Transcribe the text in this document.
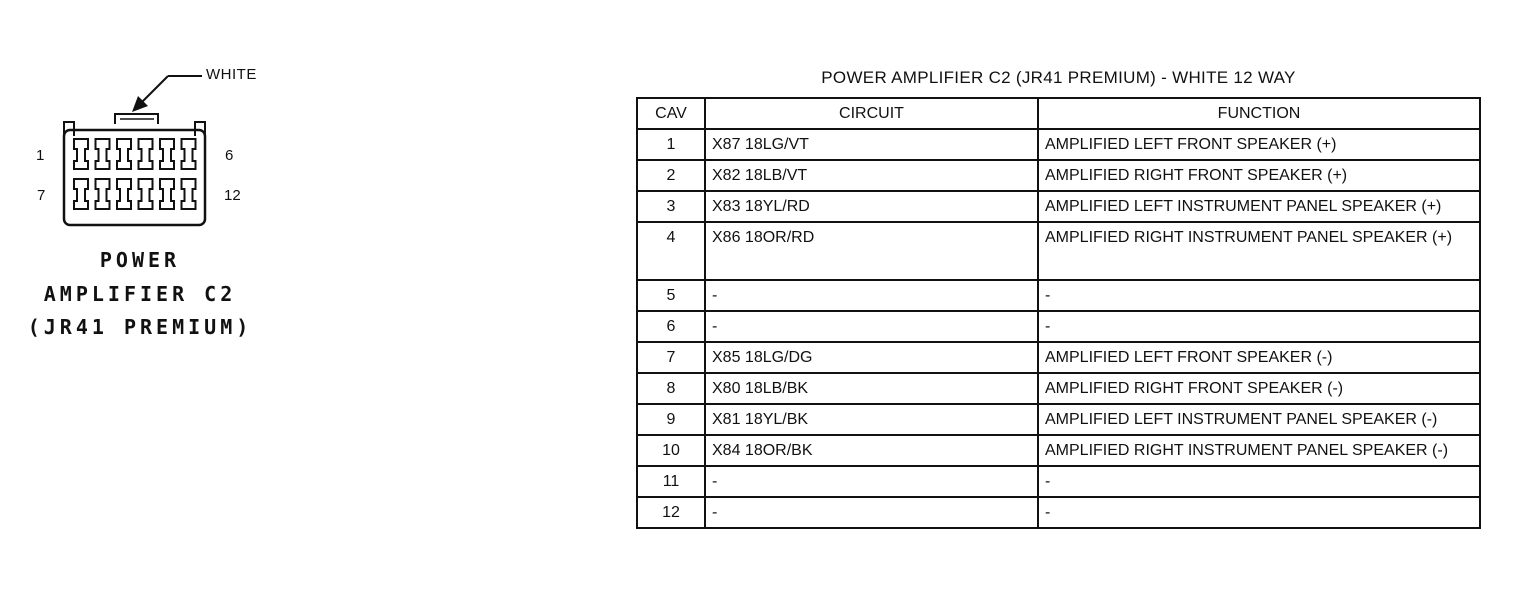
1	6
7	12
WHITE
POWER
AMPLIFIER C2
(JR41 PREMIUM)
POWER AMPLIFIER C2 (JR41 PREMIUM) - WHITE 12 WAY
CAV	CIRCUIT	FUNCTION
1	X87 18LG/VT	AMPLIFIED LEFT FRONT SPEAKER (+)
2	X82 18LB/VT	AMPLIFIED RIGHT FRONT SPEAKER (+)
3	X83 18YL/RD	AMPLIFIED LEFT INSTRUMENT PANEL SPEAKER (+)
4	X86 18OR/RD	AMPLIFIED RIGHT INSTRUMENT PANEL SPEAKER (+)
5	-	-
6	-	-
7	X85 18LG/DG	AMPLIFIED LEFT FRONT SPEAKER (-)
8	X80 18LB/BK	AMPLIFIED RIGHT FRONT SPEAKER (-)
9	X81 18YL/BK	AMPLIFIED LEFT INSTRUMENT PANEL SPEAKER (-)
10	X84 18OR/BK	AMPLIFIED RIGHT INSTRUMENT PANEL SPEAKER (-)
11	-	-
12	-	-
